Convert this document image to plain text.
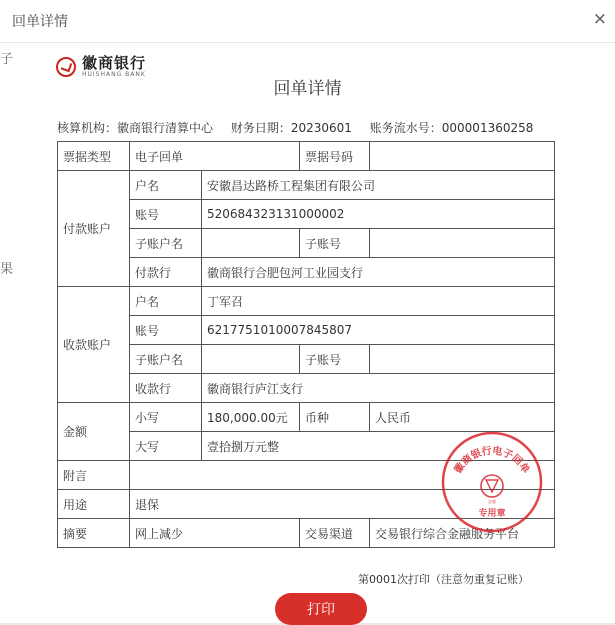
回单详情	×
子
果
徽商银行
HUISHANG BANK
回单详情
核算机构：徽商银行清算中心 财务日期：20230601 账务流水号：000001360258
票据类型	电子回单		票据号码	
付款账户	户名	安徽昌达路桥工程集团有限公司		
	账号	520684323131000002		
	子账户名		子账号	
	付款行	徽商银行合肥包河工业园支行		
收款账户	户名	丁军召		
	账号	6217751010007845807		
	子账户名		子账号	
	收款行	徽商银行庐江支行		
金额	小写	180,000.00元	币种	人民币
	大写	壹拾捌万元整		
附言				
用途	退保			
摘要	网上减少		交易渠道	交易银行综合金融服务平台
徽商银行电子回单
安徽
专用章
第0001次打印（注意勿重复记账）
打印
